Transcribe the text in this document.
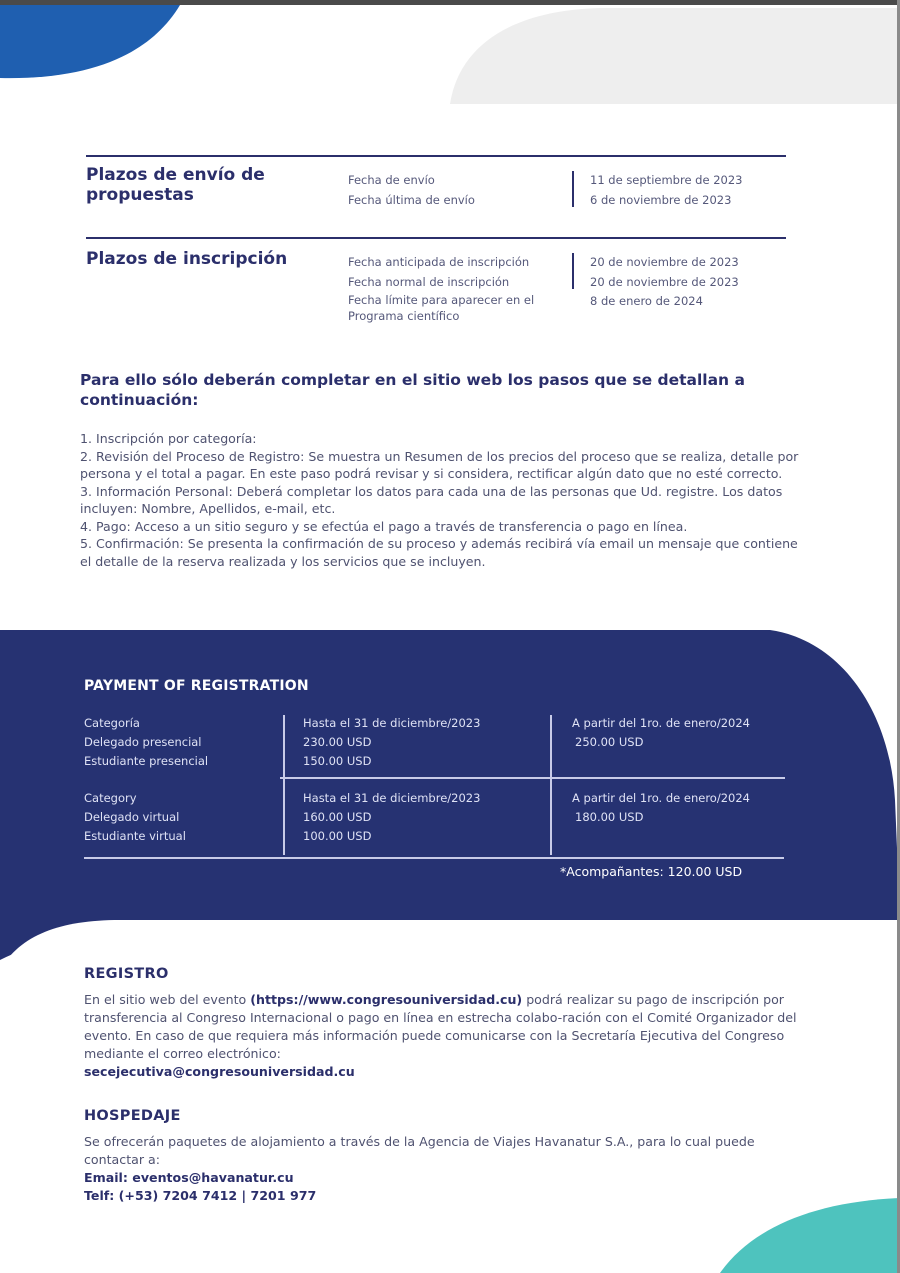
Plazos de envío de propuestas
Fecha de envío
Fecha última de envío
11 de septiembre de 2023
6 de noviembre de 2023
Plazos de inscripción	Fecha anticipada de inscripción
Fecha normal de inscripción
Fecha límite para aparecer en el Programa científico
20 de noviembre de 2023
20 de noviembre de 2023
8 de enero de 2024
Para ello sólo deberán completar en el sitio web los pasos que se detallan a continuación:

1. Inscripción por categoría:

2. Revisión del Proceso de Registro: Se muestra un Resumen de los precios del proceso que se realiza, detalle por persona y el total a pagar. En este paso podrá revisar y si considera, rectificar algún dato que no esté correcto.

3. Información Personal: Deberá completar los datos para cada una de las personas que Ud. registre. Los datos incluyen: Nombre, Apellidos, e-mail, etc.

4. Pago: Acceso a un sitio seguro y se efectúa el pago a través de transferencia o pago en línea.

5. Confirmación: Se presenta la confirmación de su proceso y además recibirá vía email un mensaje que contiene el detalle de la reserva realizada y los servicios que se incluyen.

PAYMENT OF REGISTRATION
Categoría
Delegado presencial
Estudiante presencial
Hasta el 31 de diciembre/2023
230.00 USD
150.00 USD
A partir del 1ro. de enero/2024
250.00 USD
Category
Delegado virtual
Estudiante virtual
Hasta el 31 de diciembre/2023
160.00 USD
100.00 USD
A partir del 1ro. de enero/2024
180.00 USD
*Acompañantes: 120.00 USD
REGISTRO
En el sitio web del evento (https://www.congresouniversidad.cu) podrá realizar su pago de inscripción por transferencia al Congreso Internacional o pago en línea en estrecha colabo-ración con el Comité Organizador del evento. En caso de que requiera más información puede comunicarse con la Secretaría Ejecutiva del Congreso mediante el correo electrónico:
secejecutiva@congresouniversidad.cu
HOSPEDAJE
Se ofrecerán paquetes de alojamiento a través de la Agencia de Viajes Havanatur S.A., para lo cual puede contactar a:
Email: eventos@havanatur.cu
Telf: (+53) 7204 7412 | 7201 977
